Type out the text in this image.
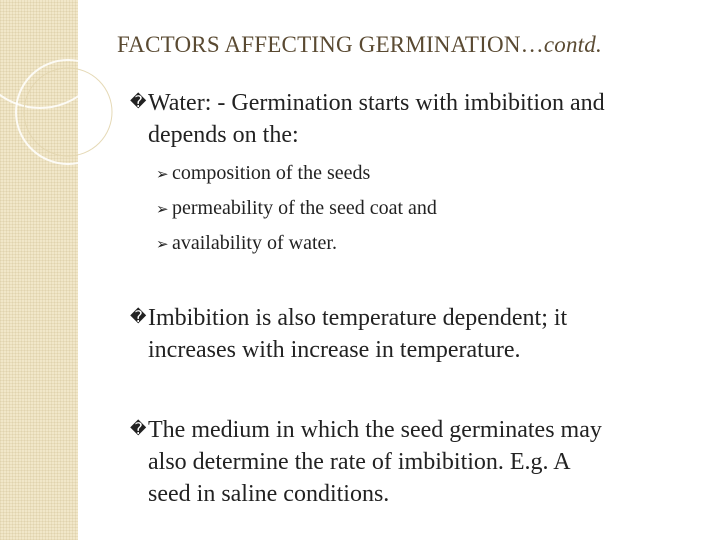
FACTORS AFFECTING GERMINATION…contd.
�Water: - Germination starts with imbibition and
depends on the:
➢ composition of the seeds
➢ permeability of the seed coat and
➢ availability of water.
�Imbibition is also temperature dependent; it
increases with increase in temperature.
�The medium in which the seed germinates may
also determine the rate of imbibition. E.g. A
seed in saline conditions.
